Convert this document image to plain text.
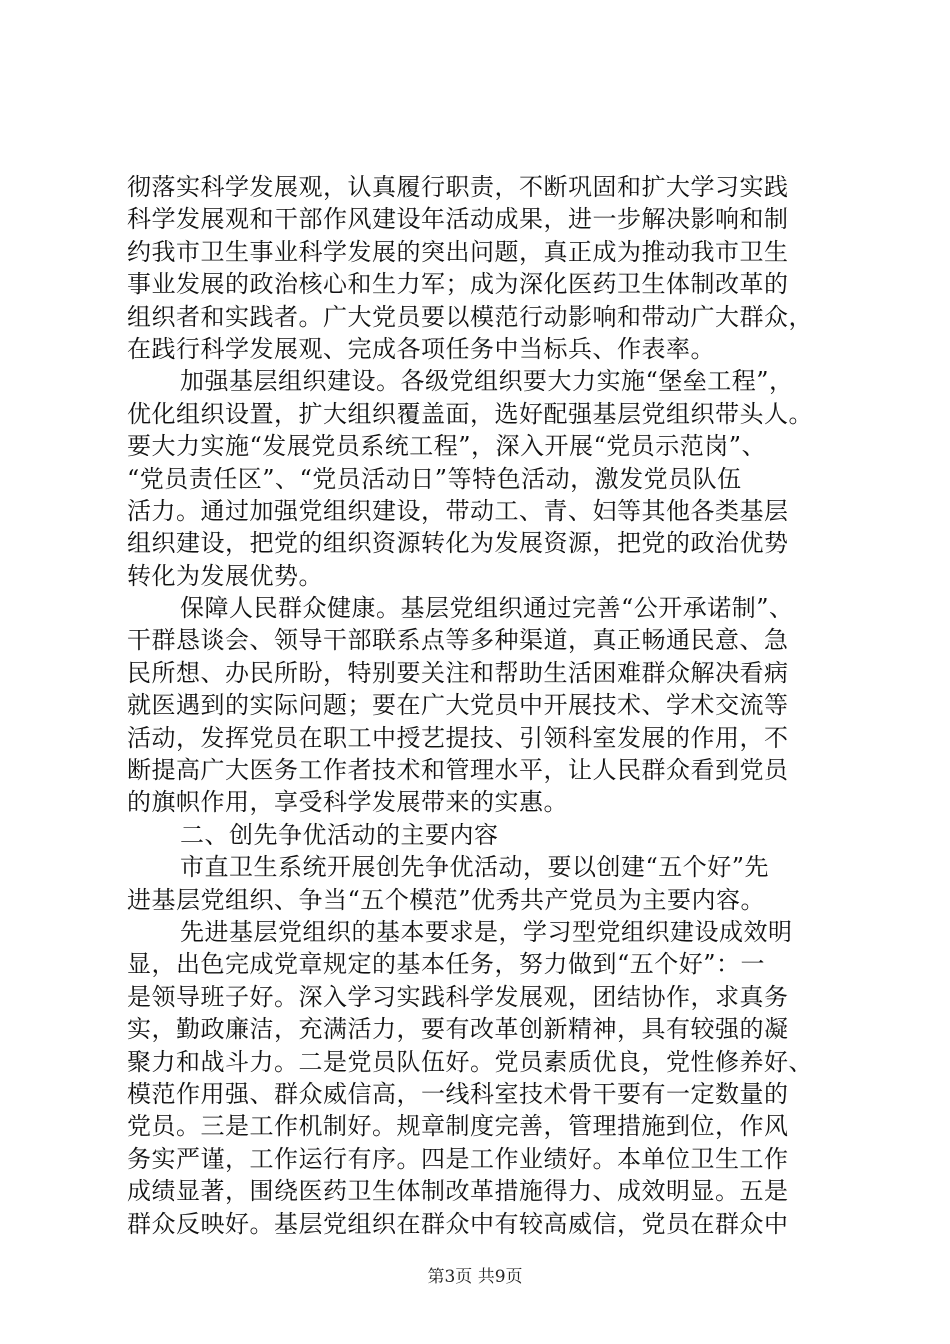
彻落实科学发展观，认真履行职责，不断巩固和扩大学习实践
科学发展观和干部作风建设年活动成果，进一步解决影响和制
约我市卫生事业科学发展的突出问题，真正成为推动我市卫生
事业发展的政治核心和生力军；成为深化医药卫生体制改革的
组织者和实践者。广大党员要以模范行动影响和带动广大群众，
在践行科学发展观、完成各项任务中当标兵、作表率。
加强基层组织建设。各级党组织要大力实施“堡垒工程”，
优化组织设置，扩大组织覆盖面，选好配强基层党组织带头人。
要大力实施“发展党员系统工程”，深入开展“党员示范岗”、
“党员责任区”、“党员活动日”等特色活动，激发党员队伍
活力。通过加强党组织建设，带动工、青、妇等其他各类基层
组织建设，把党的组织资源转化为发展资源，把党的政治优势
转化为发展优势。
保障人民群众健康。基层党组织通过完善“公开承诺制”、
干群恳谈会、领导干部联系点等多种渠道，真正畅通民意、急
民所想、办民所盼，特别要关注和帮助生活困难群众解决看病
就医遇到的实际问题；要在广大党员中开展技术、学术交流等
活动，发挥党员在职工中授艺提技、引领科室发展的作用，不
断提高广大医务工作者技术和管理水平，让人民群众看到党员
的旗帜作用，享受科学发展带来的实惠。
二、创先争优活动的主要内容
市直卫生系统开展创先争优活动，要以创建“五个好”先
进基层党组织、争当“五个模范”优秀共产党员为主要内容。
先进基层党组织的基本要求是，学习型党组织建设成效明
显，出色完成党章规定的基本任务，努力做到“五个好”：一
是领导班子好。深入学习实践科学发展观，团结协作，求真务
实，勤政廉洁，充满活力，要有改革创新精神，具有较强的凝
聚力和战斗力。二是党员队伍好。党员素质优良，党性修养好、
模范作用强、群众威信高，一线科室技术骨干要有一定数量的
党员。三是工作机制好。规章制度完善，管理措施到位，作风
务实严谨，工作运行有序。四是工作业绩好。本单位卫生工作
成绩显著，围绕医药卫生体制改革措施得力、成效明显。五是
群众反映好。基层党组织在群众中有较高威信，党员在群众中
第3页 共9页
